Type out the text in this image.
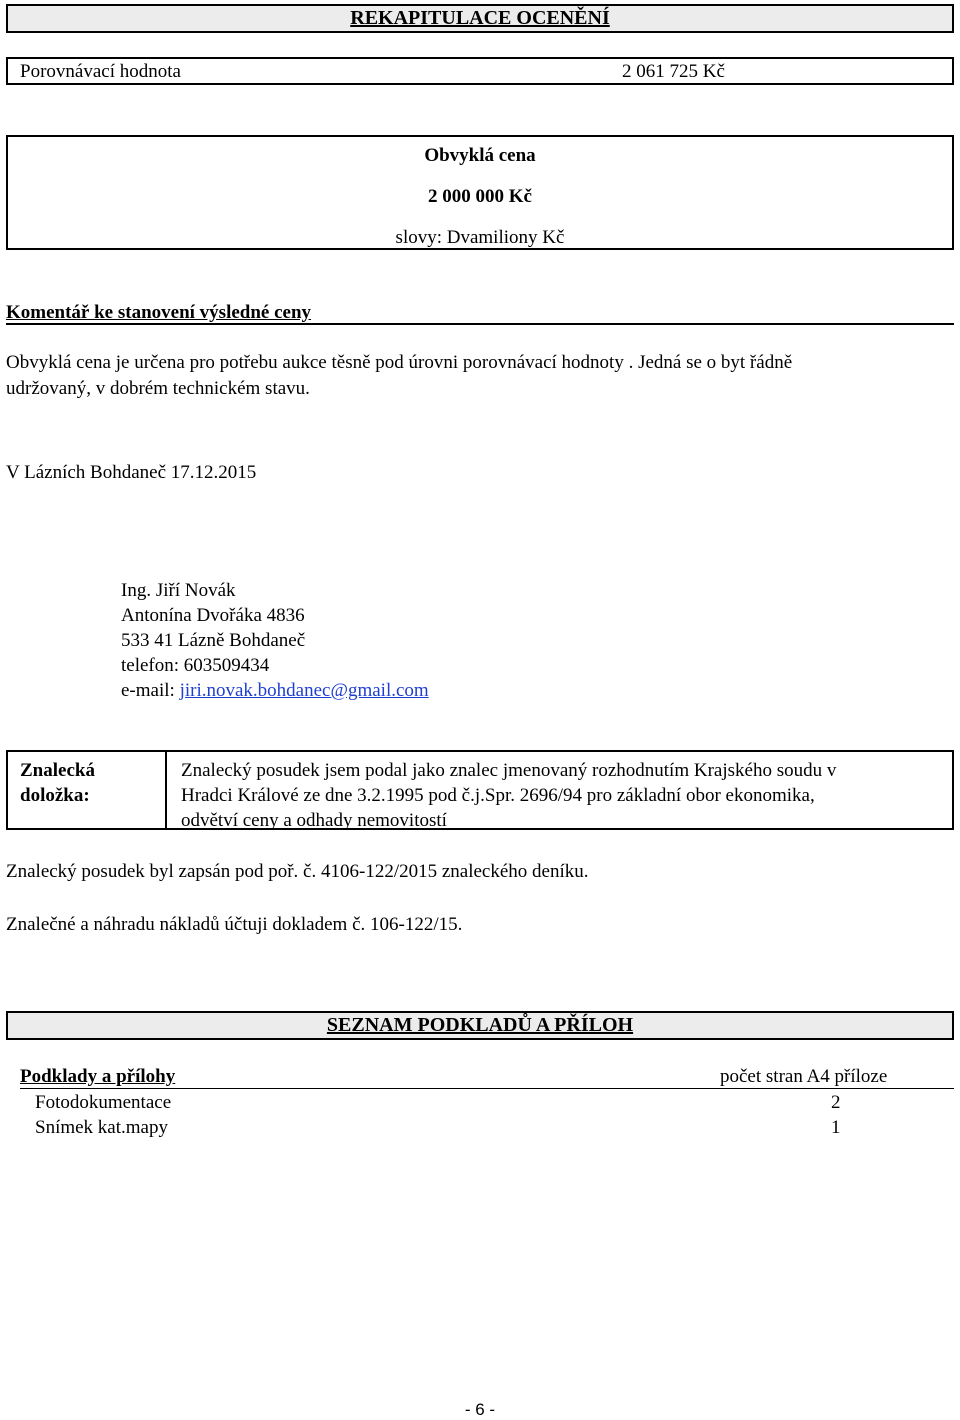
REKAPITULACE OCENĚNÍ
Porovnávací hodnota	2 061 725 Kč
Obvyklá cena
2 000 000 Kč
slovy: Dvamiliony Kč
Komentář ke stanovení výsledné ceny
Obvyklá cena je určena pro potřebu aukce těsně pod úrovni porovnávací hodnoty . Jedná se o byt řádně
udržovaný, v dobrém technickém stavu.
V Lázních Bohdaneč 17.12.2015
Ing. Jiří Novák
Antonína Dvořáka 4836
533 41 Lázně Bohdaneč
telefon: 603509434
e-mail: jiri.novak.bohdanec@gmail.com
Znalecká
doložka:
Znalecký posudek jsem podal jako znalec jmenovaný rozhodnutím Krajského soudu v
Hradci Králové ze dne 3.2.1995 pod č.j.Spr. 2696/94 pro základní obor ekonomika,
odvětví ceny a odhady nemovitostí
Znalecký posudek byl zapsán pod poř. č. 4106-122/2015 znaleckého deníku.
Znalečné a náhradu nákladů účtuji dokladem č. 106-122/15.
SEZNAM PODKLADŮ A PŘÍLOH
Podklady a přílohy	počet stran A4 příloze
Fotodokumentace	2
Snímek kat.mapy	1
- 6 -
